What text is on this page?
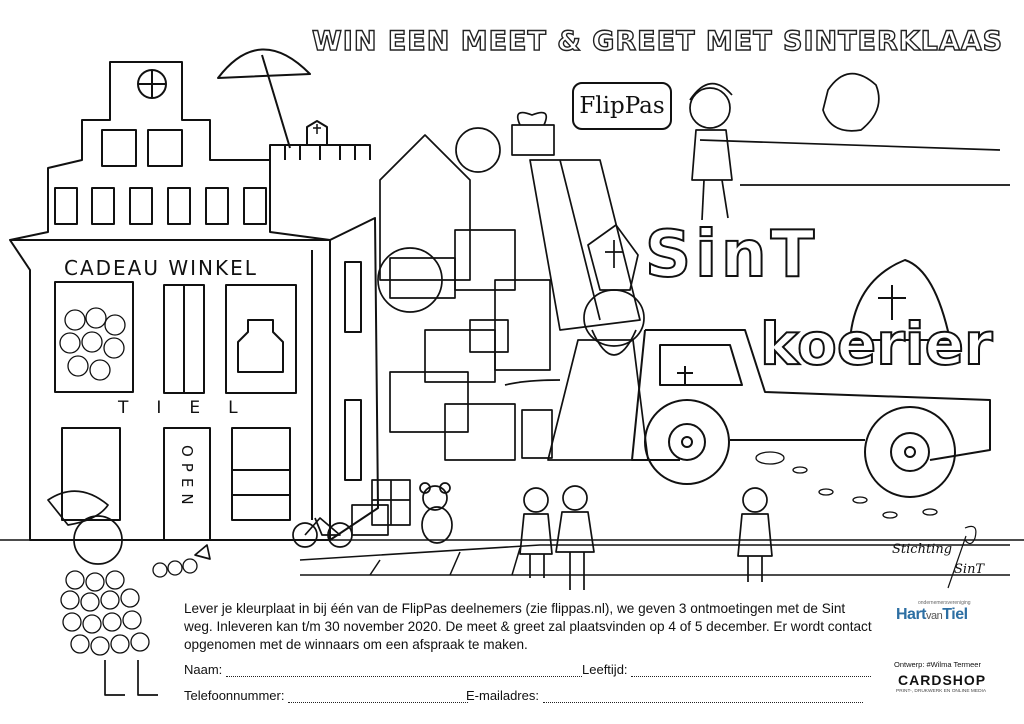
WIN EEN MEET & GREET MET SINTERKLAAS
CADEAU WINKEL
TIEL
OPEN
FlipPas
SinT
koerier
Lever je kleurplaat in bij één van de FlipPas deelnemers (zie flippas.nl), we geven 3 ontmoetingen met de Sint weg. Inleveren kan t/m 30 november 2020. De meet & greet zal plaatsvinden op 4 of 5 december. Er wordt contact opgenomen met de winnaars om een afspraak te maken.
Naam:	Leeftijd:
Telefoonnummer:	E-mailadres:
Stichting
SinT
ondernemersvereniging
HartvanTiel
Ontwerp: #Wilma Termeer
CARDSHOP
PRINT-, DRUKWERK EN ONLINE MEDIA
